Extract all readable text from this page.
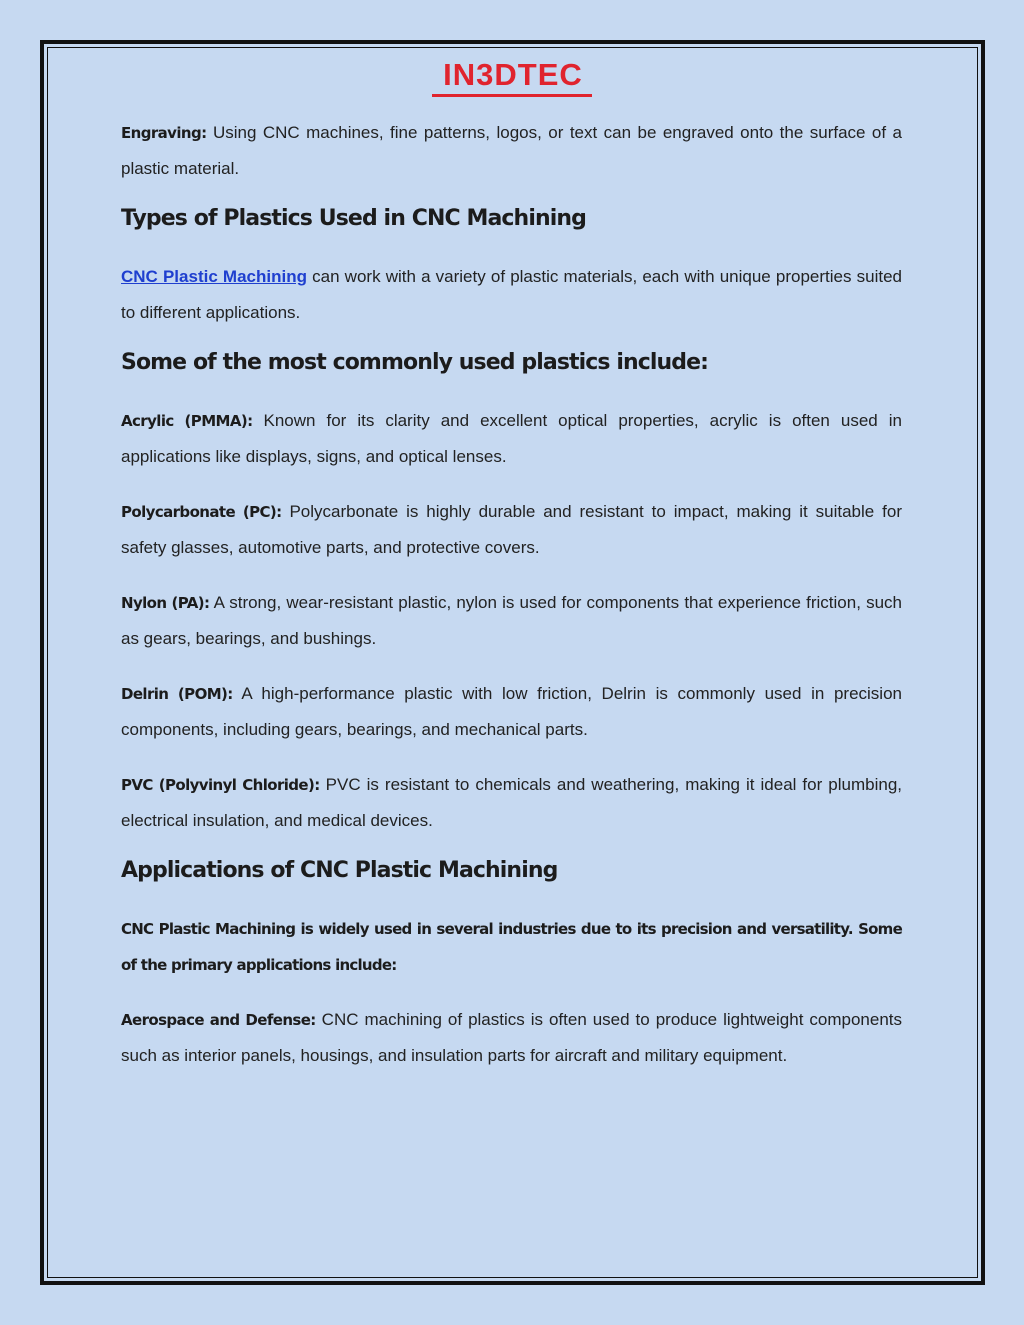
IN3DTEC

Engraving: Using CNC machines, fine patterns, logos, or text can be engraved onto the surface of a plastic material.

Types of Plastics Used in CNC Machining

CNC Plastic Machining can work with a variety of plastic materials, each with unique properties suited to different applications.

Some of the most commonly used plastics include:

Acrylic (PMMA): Known for its clarity and excellent optical properties, acrylic is often used in applications like displays, signs, and optical lenses.

Polycarbonate (PC): Polycarbonate is highly durable and resistant to impact, making it suitable for safety glasses, automotive parts, and protective covers.

Nylon (PA): A strong, wear-resistant plastic, nylon is used for components that experience friction, such as gears, bearings, and bushings.

Delrin (POM): A high-performance plastic with low friction, Delrin is commonly used in precision components, including gears, bearings, and mechanical parts.

PVC (Polyvinyl Chloride): PVC is resistant to chemicals and weathering, making it ideal for plumbing, electrical insulation, and medical devices.

Applications of CNC Plastic Machining

CNC Plastic Machining is widely used in several industries due to its precision and versatility. Some of the primary applications include:

Aerospace and Defense: CNC machining of plastics is often used to produce lightweight components such as interior panels, housings, and insulation parts for aircraft and military equipment.
